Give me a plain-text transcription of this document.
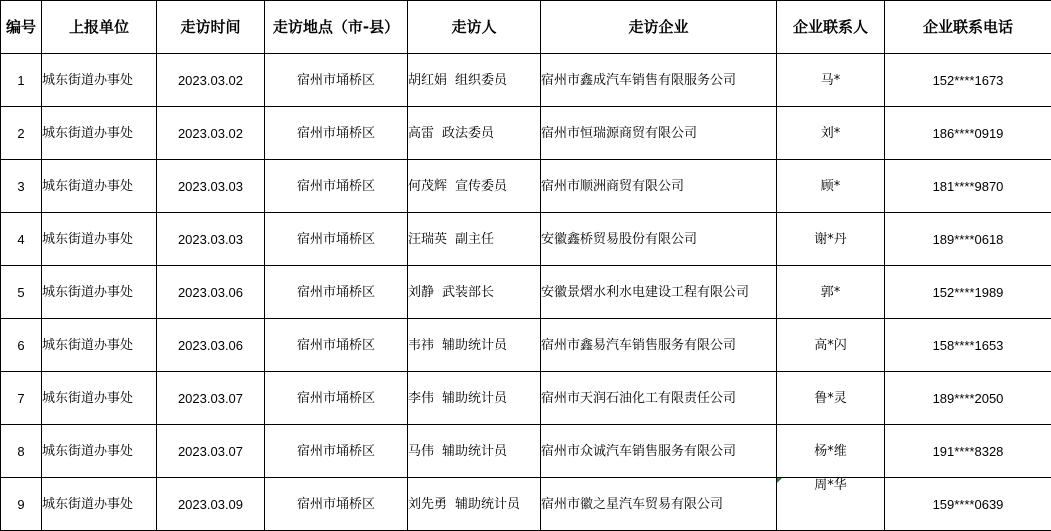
编号	上报单位	走访时间	走访地点（市-县）	走访人	走访企业	企业联系人	企业联系电话
1	城东街道办事处	2023.03.02	宿州市埇桥区	胡红娟 组织委员	宿州市鑫成汽车销售有限服务公司	马*	152****1673
2	城东街道办事处	2023.03.02	宿州市埇桥区	高雷 政法委员	宿州市恒瑞源商贸有限公司	刘*	186****0919
3	城东街道办事处	2023.03.03	宿州市埇桥区	何茂辉 宣传委员	宿州市顺洲商贸有限公司	顾*	181****9870
4	城东街道办事处	2023.03.03	宿州市埇桥区	汪瑞英 副主任	安徽鑫桥贸易股份有限公司	谢*丹	189****0618
5	城东街道办事处	2023.03.06	宿州市埇桥区	刘静 武装部长	安徽景熠水利水电建设工程有限公司	郭*	152****1989
6	城东街道办事处	2023.03.06	宿州市埇桥区	韦祎 辅助统计员	宿州市鑫易汽车销售服务有限公司	高*闪	158****1653
7	城东街道办事处	2023.03.07	宿州市埇桥区	李伟 辅助统计员	宿州市天润石油化工有限责任公司	鲁*灵	189****2050
8	城东街道办事处	2023.03.07	宿州市埇桥区	马伟 辅助统计员	宿州市众诚汽车销售服务有限公司	杨*维	191****8328
9	城东街道办事处	2023.03.09	宿州市埇桥区	刘先勇 辅助统计员	宿州市徽之星汽车贸易有限公司	周*华	159****0639
